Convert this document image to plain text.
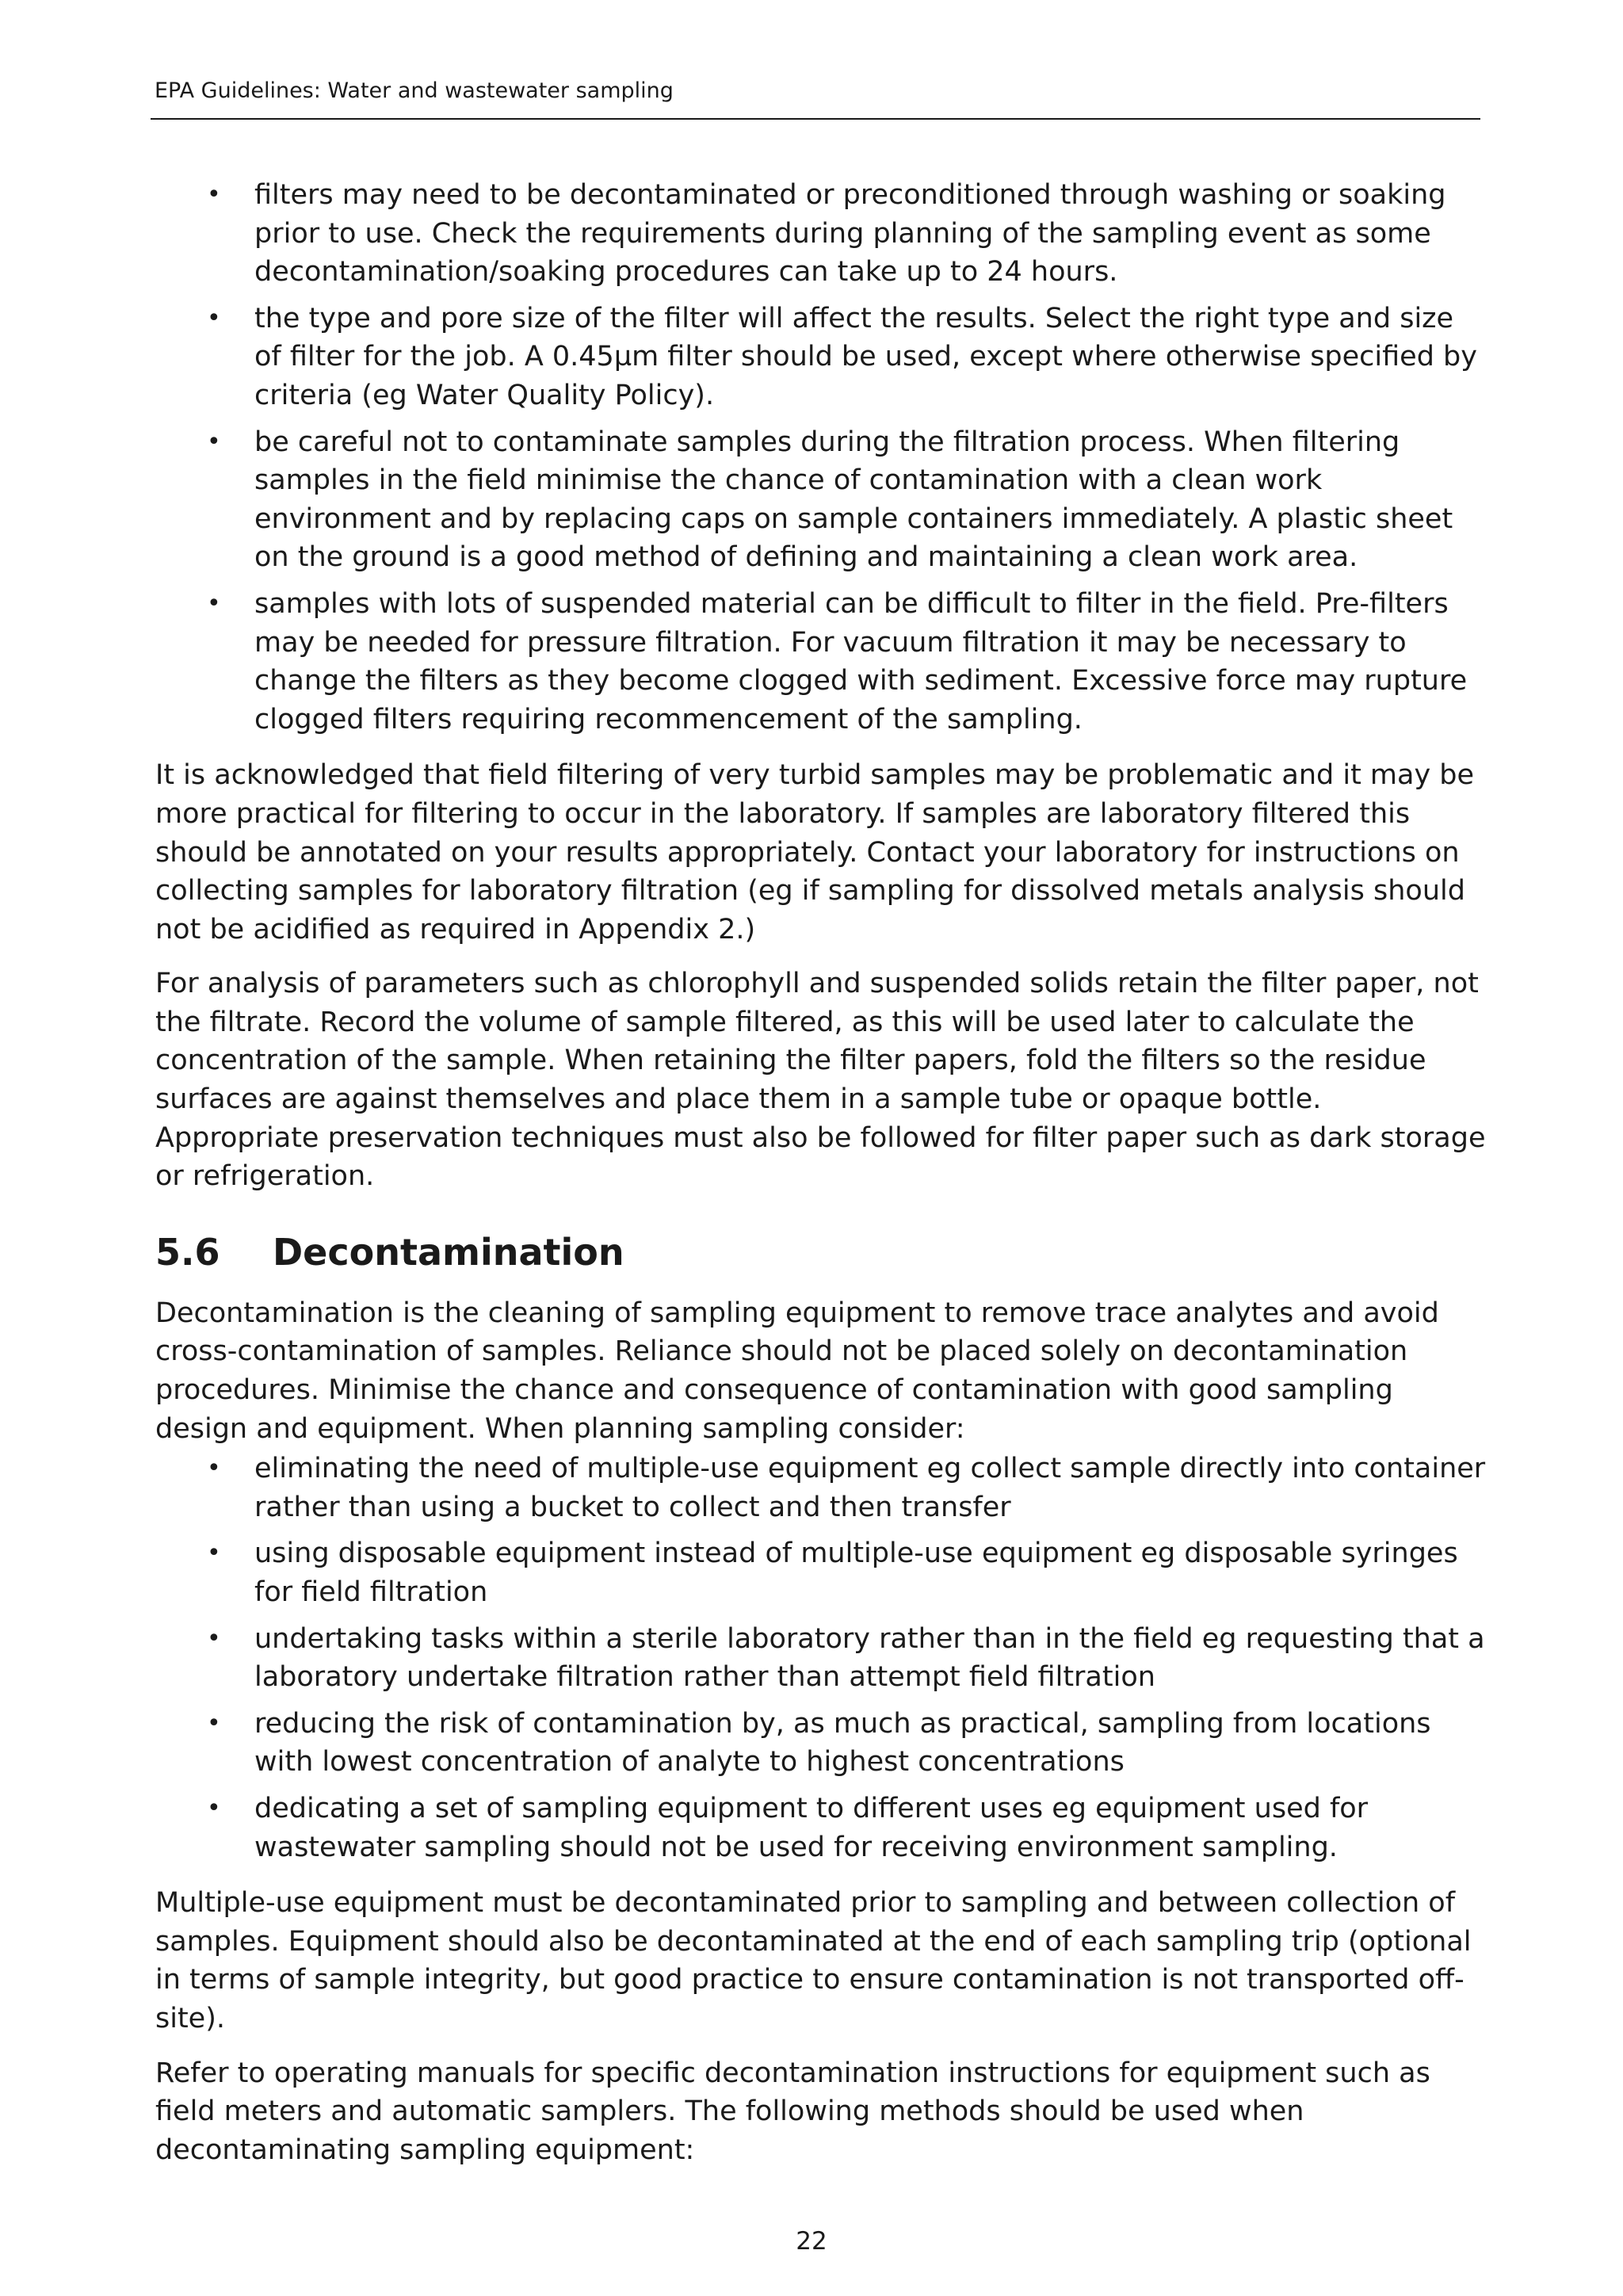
EPA Guidelines: Water and wastewater sampling
• filters may need to be decontaminated or preconditioned through washing or soaking prior to use. Check the requirements during planning of the sampling event as some decontamination/soaking procedures can take up to 24 hours.
• the type and pore size of the filter will affect the results. Select the right type and size of filter for the job. A 0.45µm filter should be used, except where otherwise specified by criteria (eg Water Quality Policy).
• be careful not to contaminate samples during the filtration process. When filtering samples in the field minimise the chance of contamination with a clean work environment and by replacing caps on sample containers immediately. A plastic sheet on the ground is a good method of defining and maintaining a clean work area.
• samples with lots of suspended material can be difficult to filter in the field. Pre-filters may be needed for pressure filtration. For vacuum filtration it may be necessary to change the filters as they become clogged with sediment. Excessive force may rupture clogged filters requiring recommencement of the sampling.

It is acknowledged that field filtering of very turbid samples may be problematic and it may be more practical for filtering to occur in the laboratory. If samples are laboratory filtered this should be annotated on your results appropriately. Contact your laboratory for instructions on collecting samples for laboratory filtration (eg if sampling for dissolved metals analysis should not be acidified as required in Appendix 2.)

For analysis of parameters such as chlorophyll and suspended solids retain the filter paper, not the filtrate. Record the volume of sample filtered, as this will be used later to calculate the concentration of the sample. When retaining the filter papers, fold the filters so the residue surfaces are against themselves and place them in a sample tube or opaque bottle. Appropriate preservation techniques must also be followed for filter paper such as dark storage or refrigeration.

5.6 Decontamination

Decontamination is the cleaning of sampling equipment to remove trace analytes and avoid cross-contamination of samples. Reliance should not be placed solely on decontamination procedures. Minimise the chance and consequence of contamination with good sampling design and equipment. When planning sampling consider:

• eliminating the need of multiple-use equipment eg collect sample directly into container rather than using a bucket to collect and then transfer
• using disposable equipment instead of multiple-use equipment eg disposable syringes for field filtration
• undertaking tasks within a sterile laboratory rather than in the field eg requesting that a laboratory undertake filtration rather than attempt field filtration
• reducing the risk of contamination by, as much as practical, sampling from locations with lowest concentration of analyte to highest concentrations
• dedicating a set of sampling equipment to different uses eg equipment used for wastewater sampling should not be used for receiving environment sampling.

Multiple-use equipment must be decontaminated prior to sampling and between collection of samples. Equipment should also be decontaminated at the end of each sampling trip (optional in terms of sample integrity, but good practice to ensure contamination is not transported off-site).

Refer to operating manuals for specific decontamination instructions for equipment such as field meters and automatic samplers. The following methods should be used when decontaminating sampling equipment:

22
